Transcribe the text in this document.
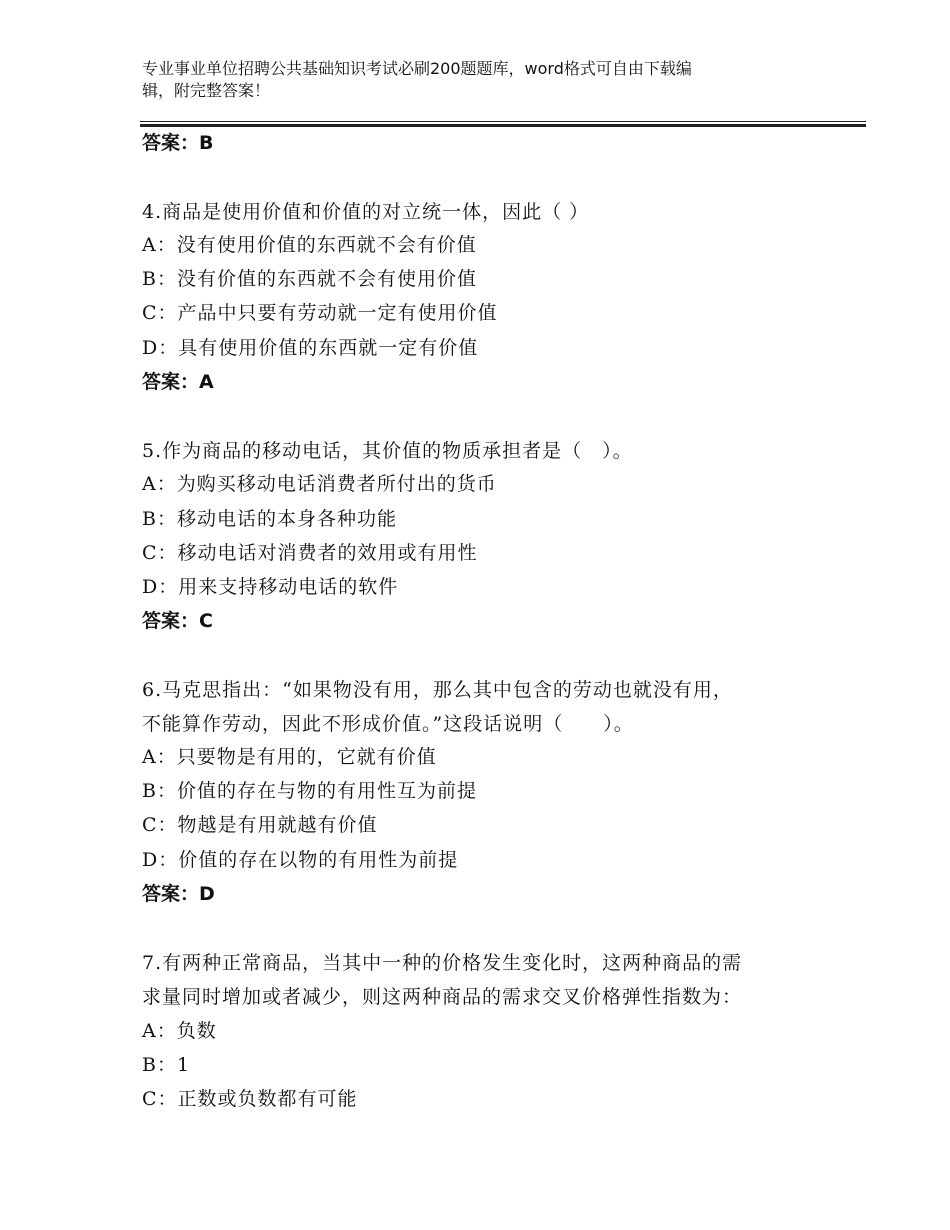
专业事业单位招聘公共基础知识考试必刷200题题库，word格式可自由下载编
辑，附完整答案！
答案：B
4.商品是使用价值和价值的对立统一体，因此（ ）
A：没有使用价值的东西就不会有价值
B：没有价值的东西就不会有使用价值
C：产品中只要有劳动就一定有使用价值
D：具有使用价值的东西就一定有价值
答案：A
5.作为商品的移动电话，其价值的物质承担者是（　）。
A：为购买移动电话消费者所付出的货币
B：移动电话的本身各种功能
C：移动电话对消费者的效用或有用性
D：用来支持移动电话的软件
答案：C
6.马克思指出：“如果物没有用，那么其中包含的劳动也就没有用，
不能算作劳动，因此不形成价值。”这段话说明（　　）。
A：只要物是有用的，它就有价值
B：价值的存在与物的有用性互为前提
C：物越是有用就越有价值
D：价值的存在以物的有用性为前提
答案：D
7.有两种正常商品，当其中一种的价格发生变化时，这两种商品的需
求量同时增加或者减少，则这两种商品的需求交叉价格弹性指数为：
A：负数
B：1
C：正数或负数都有可能
